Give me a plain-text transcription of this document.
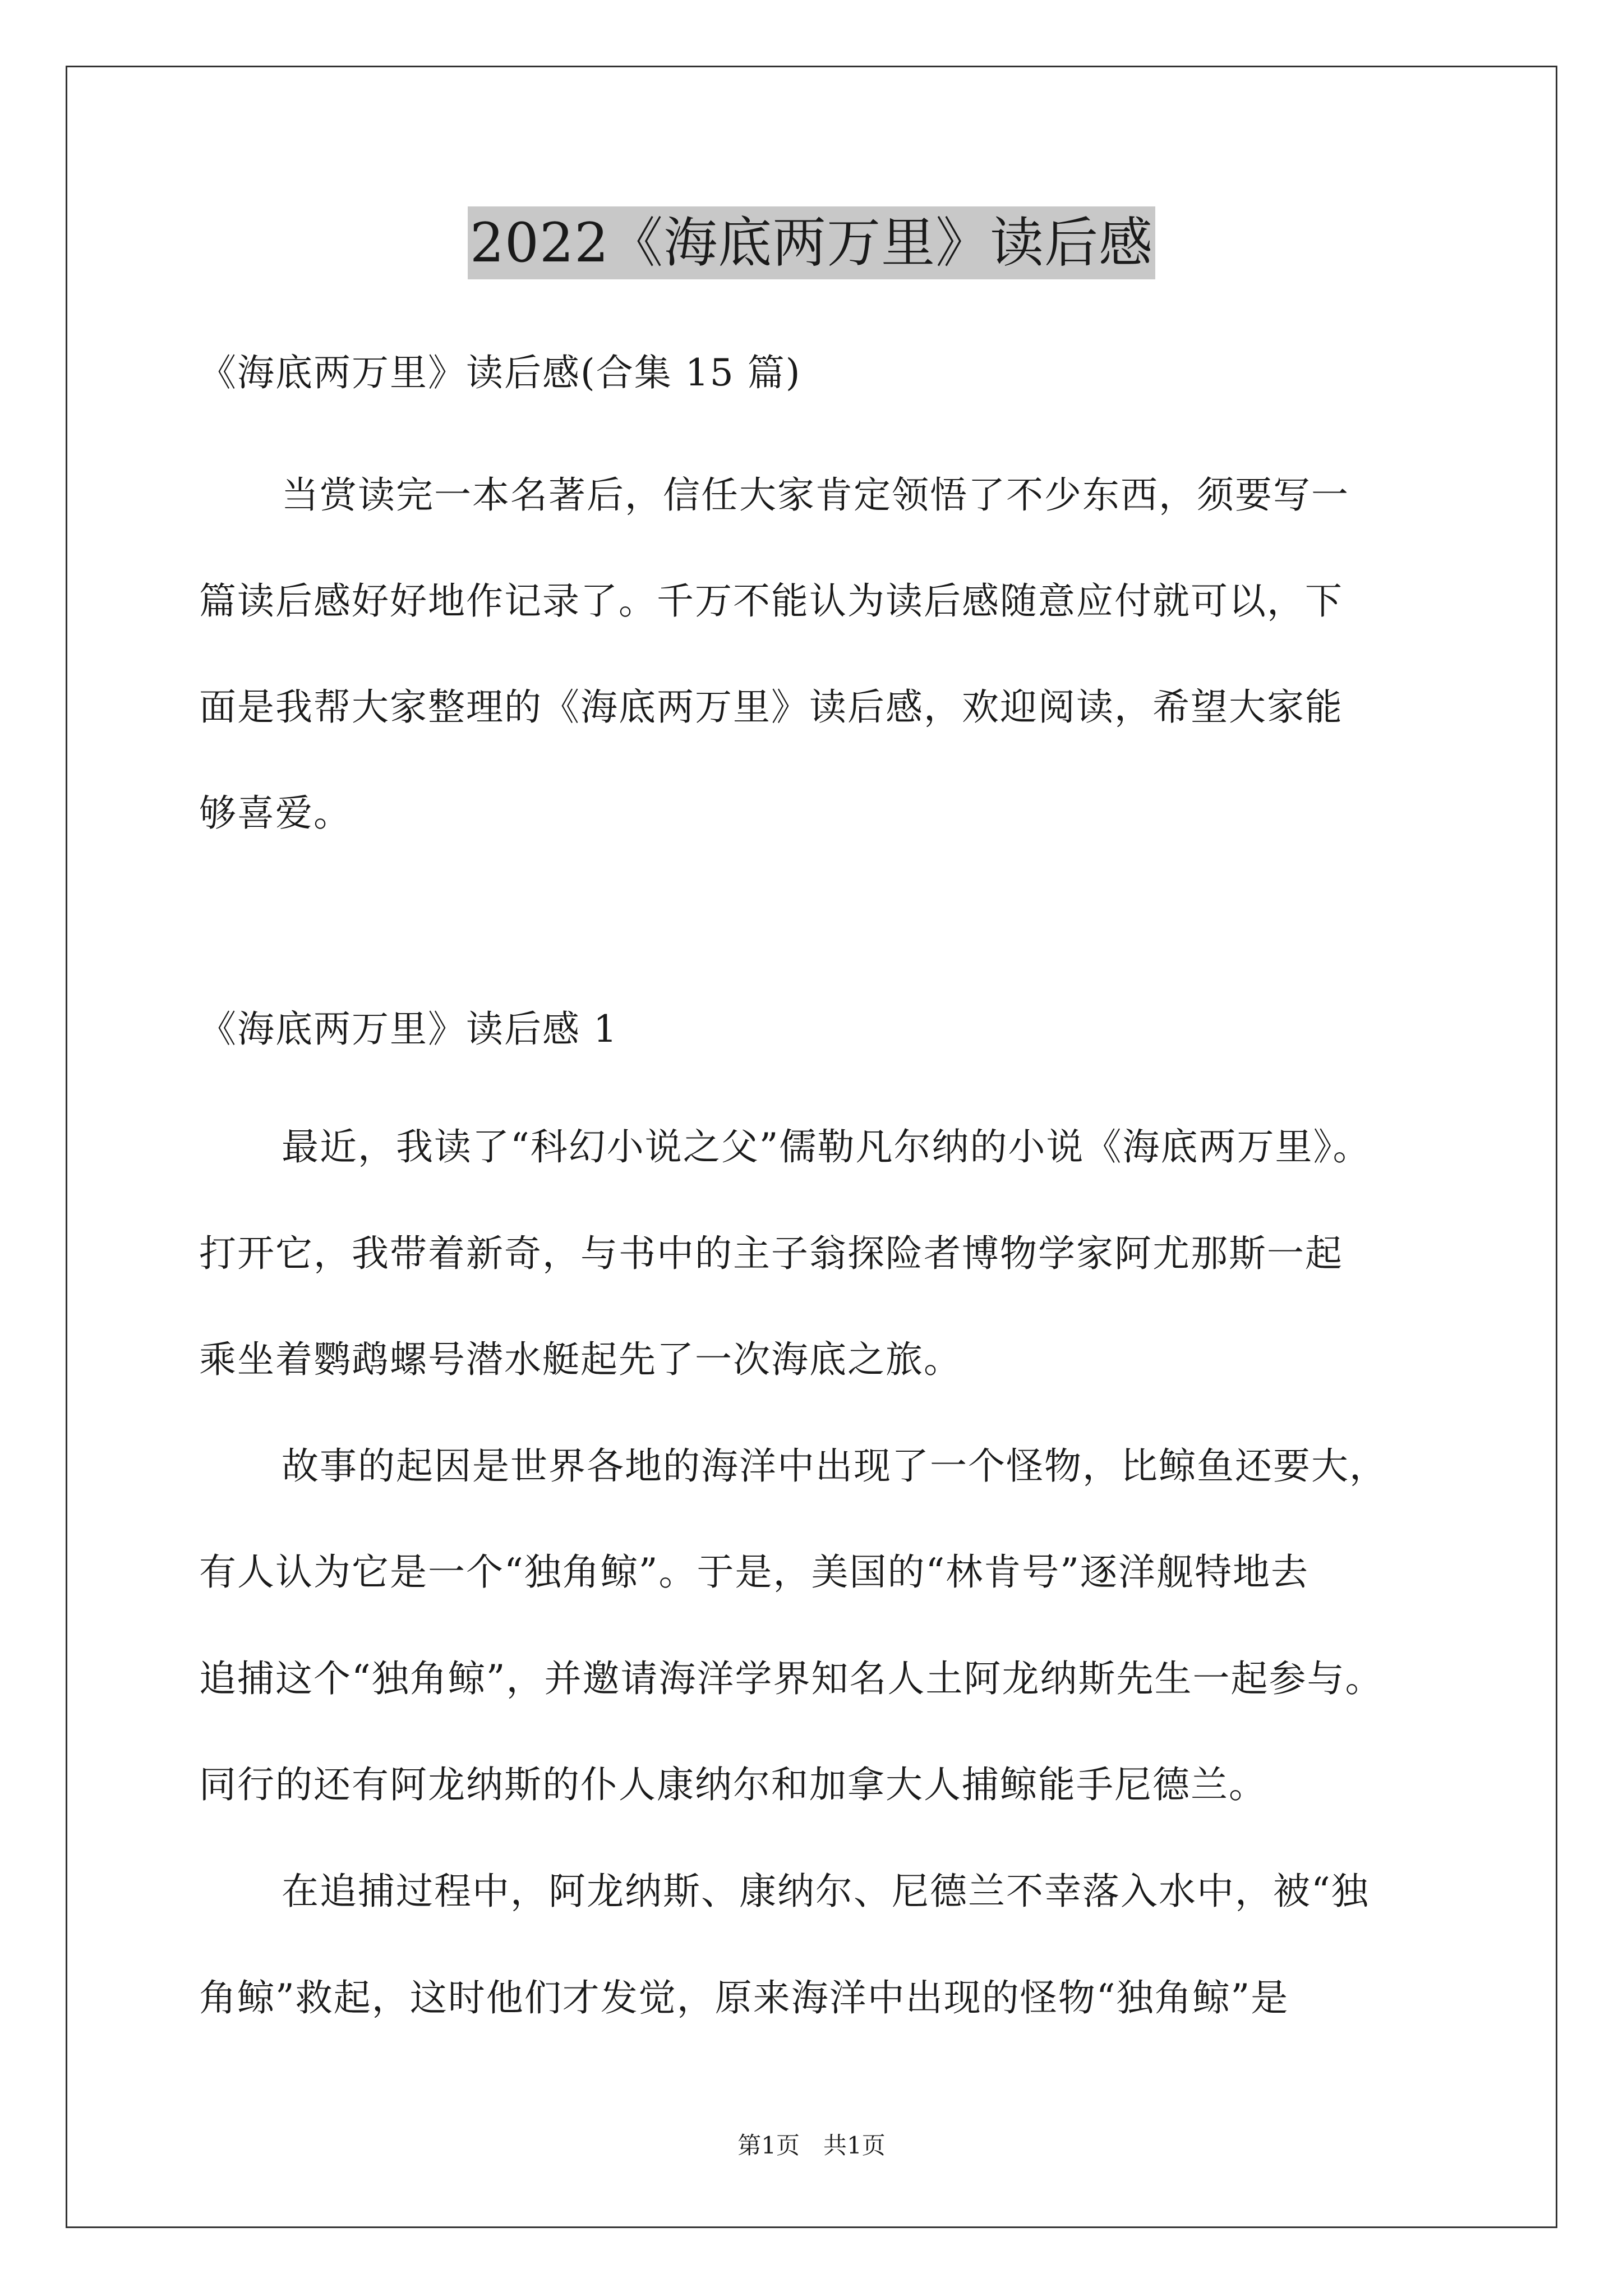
2022《海底两万里》读后感
《海底两万里》读后感(合集 15 篇)
当赏读完一本名著后，信任大家肯定领悟了不少东西，须要写一
篇读后感好好地作记录了。千万不能认为读后感随意应付就可以，下
面是我帮大家整理的《海底两万里》读后感，欢迎阅读，希望大家能
够喜爱。
《海底两万里》读后感 1
最近，我读了“科幻小说之父”儒勒凡尔纳的小说《海底两万里》。
打开它，我带着新奇，与书中的主子翁探险者博物学家阿尤那斯一起
乘坐着鹦鹉螺号潜水艇起先了一次海底之旅。
故事的起因是世界各地的海洋中出现了一个怪物，比鲸鱼还要大，
有人认为它是一个“独角鲸”。于是，美国的“林肯号”逐洋舰特地去
追捕这个“独角鲸”，并邀请海洋学界知名人土阿龙纳斯先生一起参与。
同行的还有阿龙纳斯的仆人康纳尔和加拿大人捕鲸能手尼德兰。
在追捕过程中，阿龙纳斯、康纳尔、尼德兰不幸落入水中，被“独
角鲸”救起，这时他们才发觉，原来海洋中出现的怪物“独角鲸”是
第1页　共1页
